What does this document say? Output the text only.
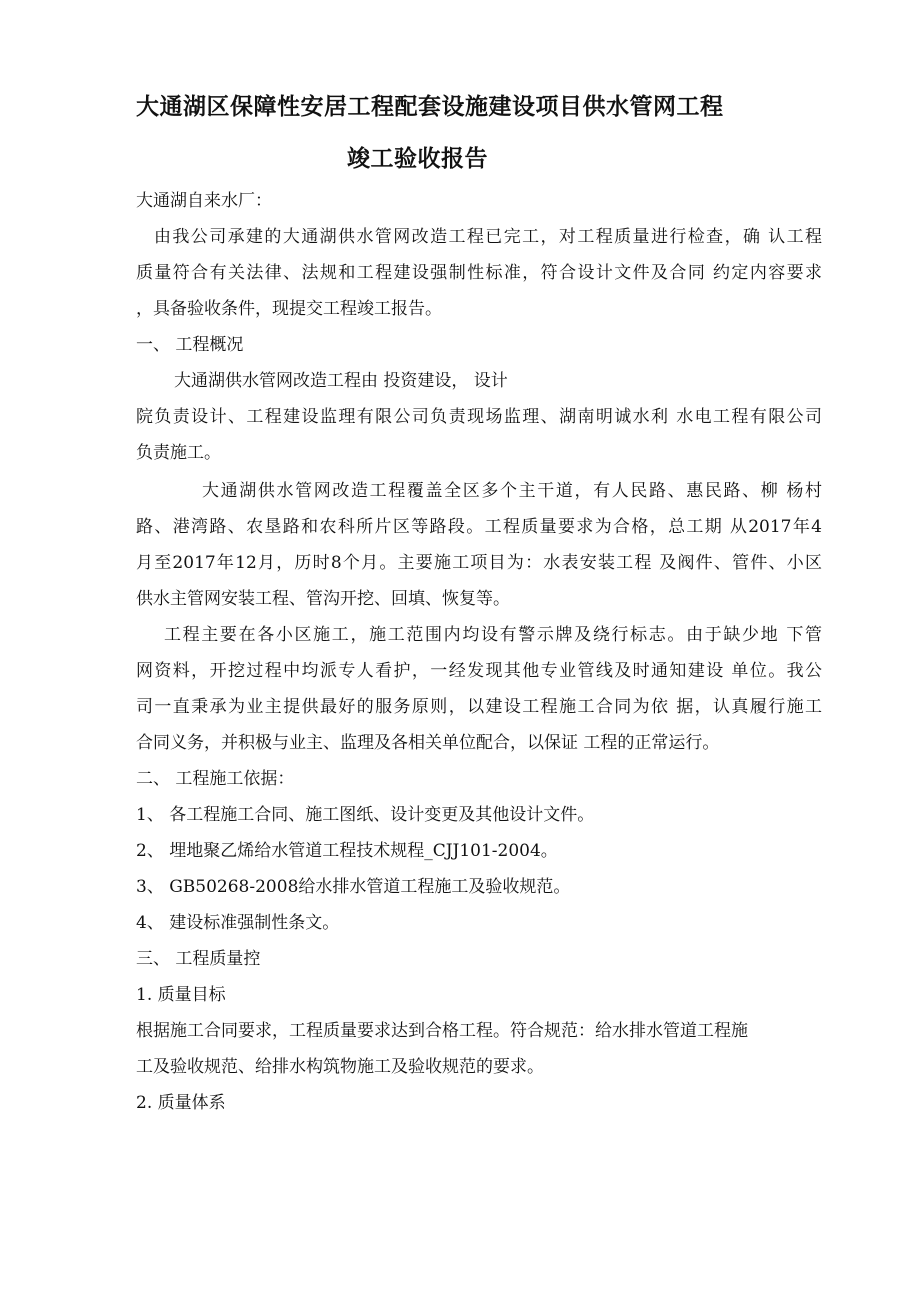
大通湖区保障性安居工程配套设施建设项目供水管网工程
竣工验收报告
大通湖自来水厂：
由我公司承建的大通湖供水管网改造工程已完工，对工程质量进行检查，确 认工程
质量符合有关法律、法规和工程建设强制性标准，符合设计文件及合同 约定内容要求
，具备验收条件，现提交工程竣工报告。
一、 工程概况
大通湖供水管网改造工程由 投资建设， 设计
院负责设计、工程建设监理有限公司负责现场监理、湖南明诚水利 水电工程有限公司
负责施工。
大通湖供水管网改造工程覆盖全区多个主干道，有人民路、惠民路、柳 杨村
路、港湾路、农垦路和农科所片区等路段。工程质量要求为合格，总工期 从2017年4
月至2017年12月，历时8个月。主要施工项目为：水表安装工程 及阀件、管件、小区
供水主管网安装工程、管沟开挖、回填、恢复等。
工程主要在各小区施工，施工范围内均设有警示牌及绕行标志。由于缺少地 下管
网资料，开挖过程中均派专人看护，一经发现其他专业管线及时通知建设 单位。我公
司一直秉承为业主提供最好的服务原则，以建设工程施工合同为依 据，认真履行施工
合同义务，并积极与业主、监理及各相关单位配合，以保证 工程的正常运行。
二、 工程施工依据：
1、 各工程施工合同、施工图纸、设计变更及其他设计文件。
2、 埋地聚乙烯给水管道工程技术规程_CJJ101-2004。
3、 GB50268-2008给水排水管道工程施工及验收规范。
4、 建设标准强制性条文。
三、 工程质量控
1. 质量目标
根据施工合同要求，工程质量要求达到合格工程。符合规范：给水排水管道工程施
工及验收规范、给排水构筑物施工及验收规范的要求。
2. 质量体系
